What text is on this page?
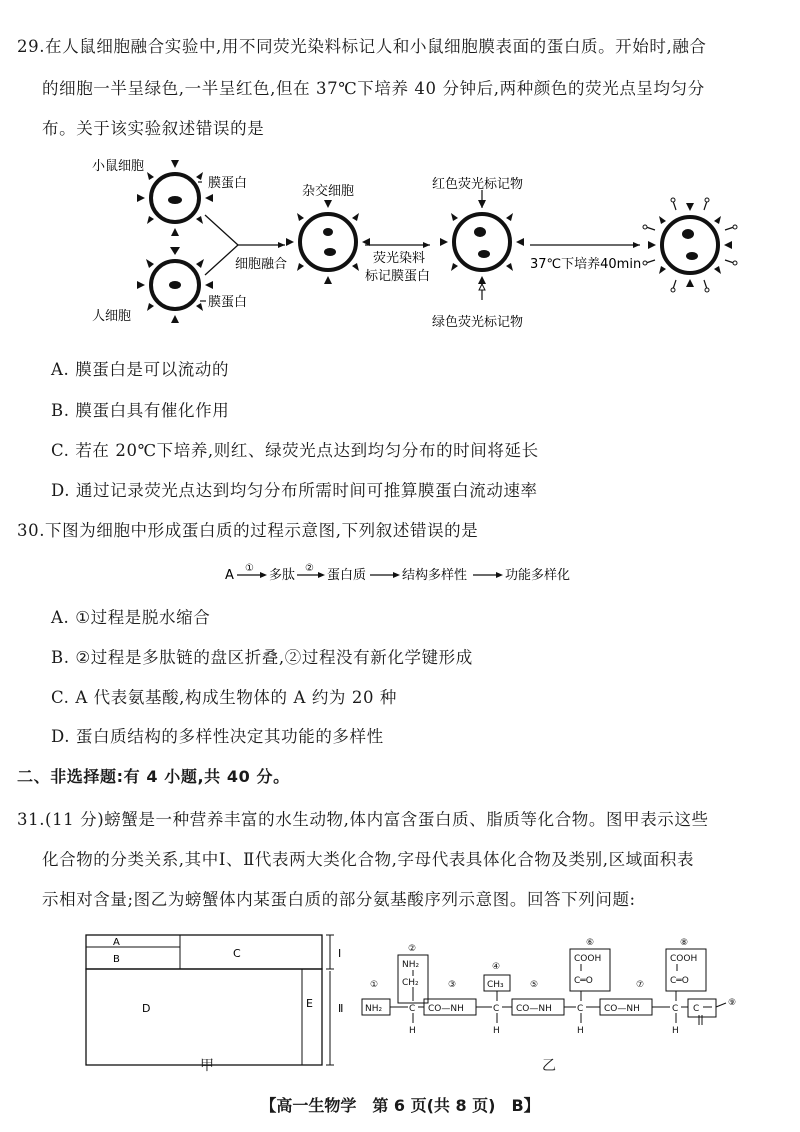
29.在人鼠细胞融合实验中,用不同荧光染料标记人和小鼠细胞膜表面的蛋白质。开始时,融合
的细胞一半呈绿色,一半呈红色,但在 37℃下培养 40 分钟后,两种颜色的荧光点呈均匀分
布。关于该实验叙述错误的是
小鼠细胞
膜蛋白
人细胞
膜蛋白
细胞融合
杂交细胞
荧光染料
标记膜蛋白
红色荧光标记物
绿色荧光标记物
37℃下培养40min
A. 膜蛋白是可以流动的
B. 膜蛋白具有催化作用
C. 若在 20℃下培养,则红、绿荧光点达到均匀分布的时间将延长
D. 通过记录荧光点达到均匀分布所需时间可推算膜蛋白流动速率
30.下图为细胞中形成蛋白质的过程示意图,下列叙述错误的是
A ① 多肽 ② 蛋白质	结构多样性	功能多样化
A. ①过程是脱水缩合
B. ②过程是多肽链的盘区折叠,②过程没有新化学键形成
C. A 代表氨基酸,构成生物体的 A 约为 20 种
D. 蛋白质结构的多样性决定其功能的多样性
二、非选择题:有 4 小题,共 40 分。
31.(11 分)螃蟹是一种营养丰富的水生动物,体内富含蛋白质、脂质等化合物。图甲表示这些
化合物的分类关系,其中Ⅰ、Ⅱ代表两大类化合物,字母代表具体化合物及类别,区域面积表
示相对含量;图乙为螃蟹体内某蛋白质的部分氨基酸序列示意图。回答下列问题:
A
B	C
D	E
Ⅰ
Ⅱ
甲
②
NH₂
CH₂
①
NH₂	C
H
③
CO—NH
④
CH₃
C
H
⑤
CO—NH
⑥
COOH
C═O
C
H
⑦
CO—NH
⑧
COOH
C═O
C
H
C
⑨
乙
【高一生物学　第 6 页(共 8 页)　B】
